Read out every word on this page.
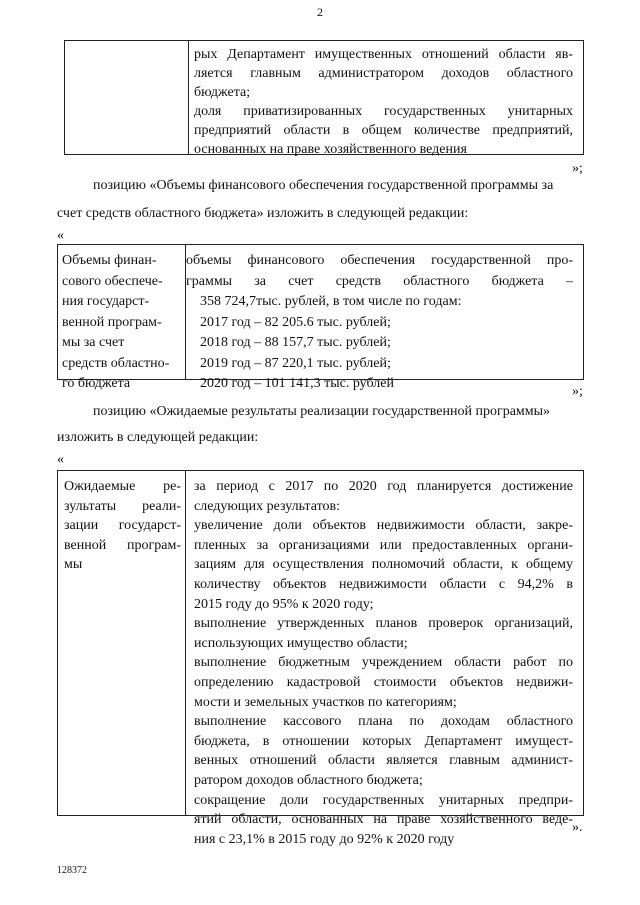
2
рых Департамент имущественных отношений области яв-
ляется главным администратором доходов областного
бюджета;
доля приватизированных государственных унитарных
предприятий области в общем количестве предприятий,
основанных на праве хозяйственного ведения
»;
позицию «Объемы финансового обеспечения государственной программы за
счет средств областного бюджета» изложить в следующей редакции:
«
Объемы финан-
сового обеспече-
ния государст-
венной програм-
мы за счет
средств областно-
го бюджета
объемы финансового обеспечения государственной про-
граммы за счет средств областного бюджета –
358 724,7тыс. рублей, в том числе по годам:
2017 год – 82 205.6 тыс. рублей;
2018 год – 88 157,7 тыс. рублей;
2019 год – 87 220,1 тыс. рублей;
2020 год – 101 141,3 тыс. рублей
»;
позицию «Ожидаемые результаты реализации государственной программы»
изложить в следующей редакции:
«
Ожидаемые ре-
зультаты реали-
зации государст-
венной програм-
мы
за период с 2017 по 2020 год планируется достижение
следующих результатов:
увеличение доли объектов недвижимости области, закре-
пленных за организациями или предоставленных органи-
зациям для осуществления полномочий области, к общему
количеству объектов недвижимости области с 94,2% в
2015 году до 95% к 2020 году;
выполнение утвержденных планов проверок организаций,
использующих имущество области;
выполнение бюджетным учреждением области работ по
определению кадастровой стоимости объектов недвижи-
мости и земельных участков по категориям;
выполнение кассового плана по доходам областного
бюджета, в отношении которых Департамент имущест-
венных отношений области является главным админист-
ратором доходов областного бюджета;
сокращение доли государственных унитарных предпри-
ятий области, основанных на праве хозяйственного веде-
ния с 23,1% в 2015 году до 92% к 2020 году
».
128372
